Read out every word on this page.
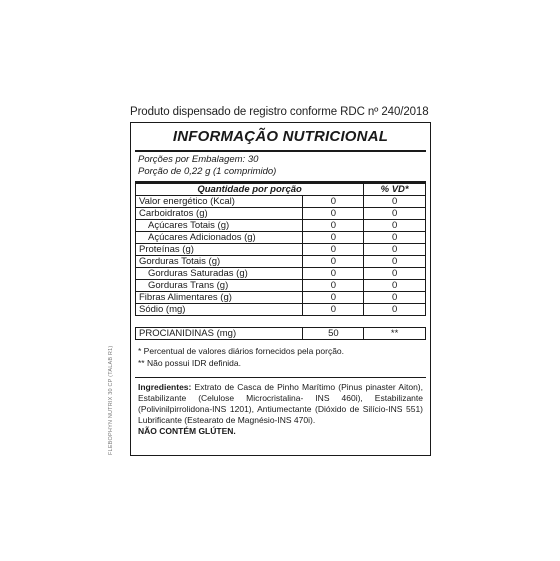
Produto dispensado de registro conforme RDC nº 240/2018
INFORMAÇÃO NUTRICIONAL
Porções por Embalagem: 30
Porção de 0,22 g (1 comprimido)
Quantidade por porção		% VD*
Valor energético (Kcal)	0	0
Carboidratos (g)	0	0
Açúcares Totais (g)	0	0
Açúcares Adicionados (g)	0	0
Proteínas (g)	0	0
Gorduras Totais (g)	0	0
Gorduras Saturadas (g)	0	0
Gorduras Trans (g)	0	0
Fibras Alimentares (g)	0	0
Sódio (mg)	0	0

PROCIANIDINAS (mg)	50	**
* Percentual de valores diários fornecidos pela porção.
** Não possui IDR definida.
Ingredientes: Extrato de Casca de Pinho Marítimo (Pinus pinaster Aiton), Estabilizante (Celulose Microcristalina- INS 460i), Estabilizante (Polivinilpirrolidona-INS 1201), Antiumectante (Dióxido de Silício-INS 551) Lubrificante (Estearato de Magnésio-INS 470i).
NÃO CONTÉM GLÚTEN.
FLEBOPHYN NUTRIX 30 CP (TALAB R1)
